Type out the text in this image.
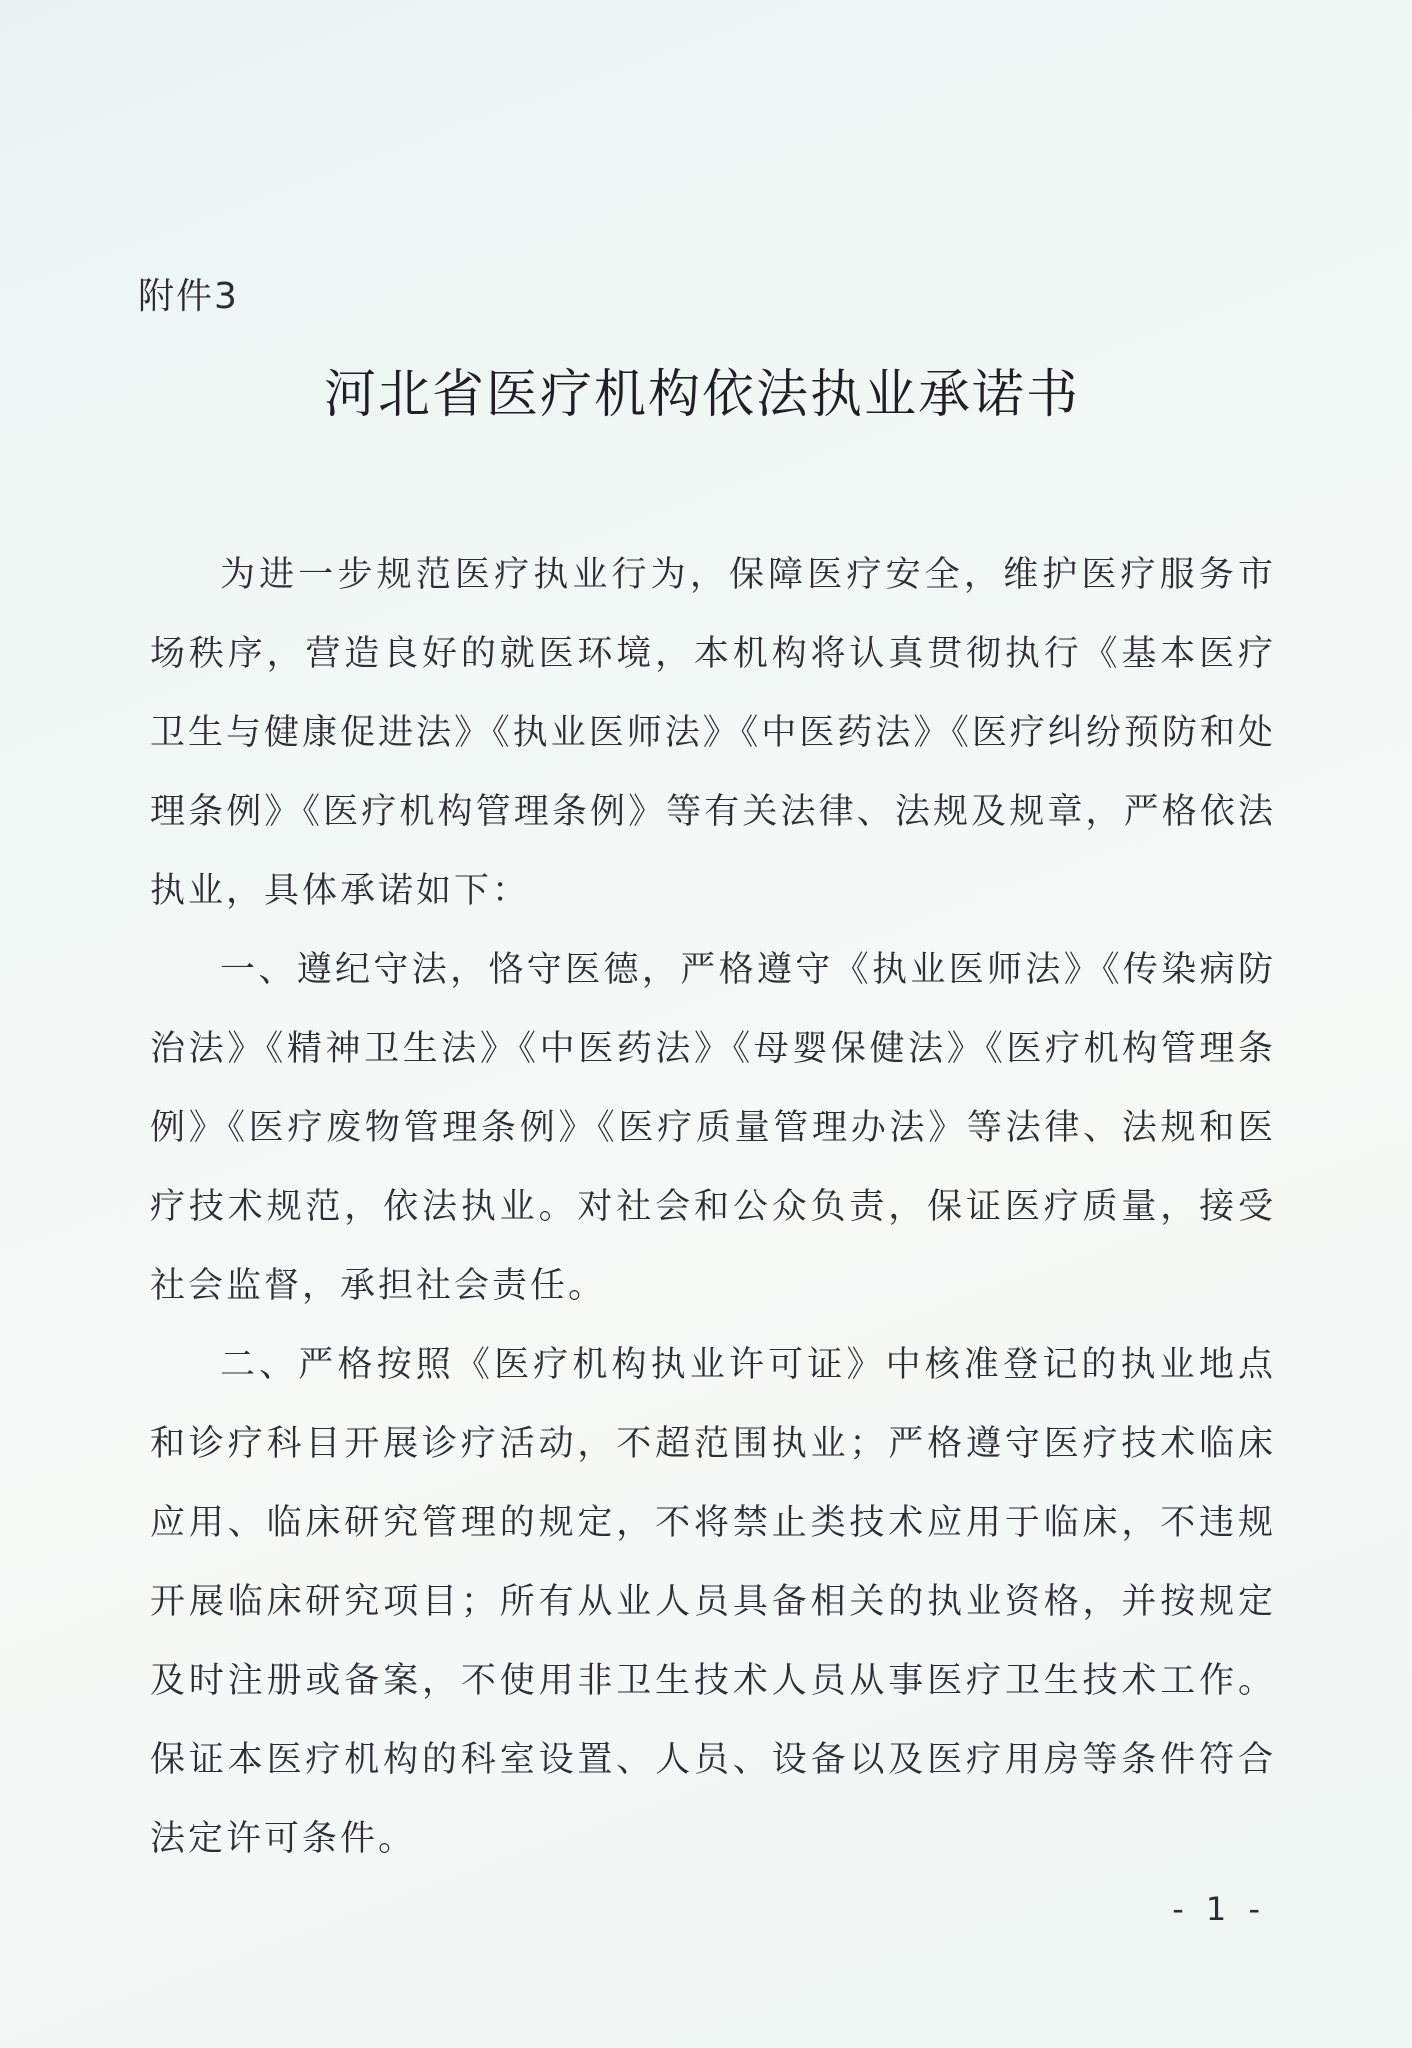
附件3
河北省医疗机构依法执业承诺书

为进一步规范医疗执业行为，保障医疗安全，维护医疗服务市场秩序，营造良好的就医环境，本机构将认真贯彻执行《基本医疗卫生与健康促进法》《执业医师法》《中医药法》《医疗纠纷预防和处理条例》《医疗机构管理条例》等有关法律、法规及规章，严格依法执业，具体承诺如下：

一、遵纪守法，恪守医德，严格遵守《执业医师法》《传染病防治法》《精神卫生法》《中医药法》《母婴保健法》《医疗机构管理条例》《医疗废物管理条例》《医疗质量管理办法》等法律、法规和医疗技术规范，依法执业。对社会和公众负责，保证医疗质量，接受社会监督，承担社会责任。

二、严格按照《医疗机构执业许可证》中核准登记的执业地点和诊疗科目开展诊疗活动，不超范围执业；严格遵守医疗技术临床应用、临床研究管理的规定，不将禁止类技术应用于临床，不违规开展临床研究项目；所有从业人员具备相关的执业资格，并按规定及时注册或备案，不使用非卫生技术人员从事医疗卫生技术工作。保证本医疗机构的科室设置、人员、设备以及医疗用房等条件符合法定许可条件。

- 1 -
